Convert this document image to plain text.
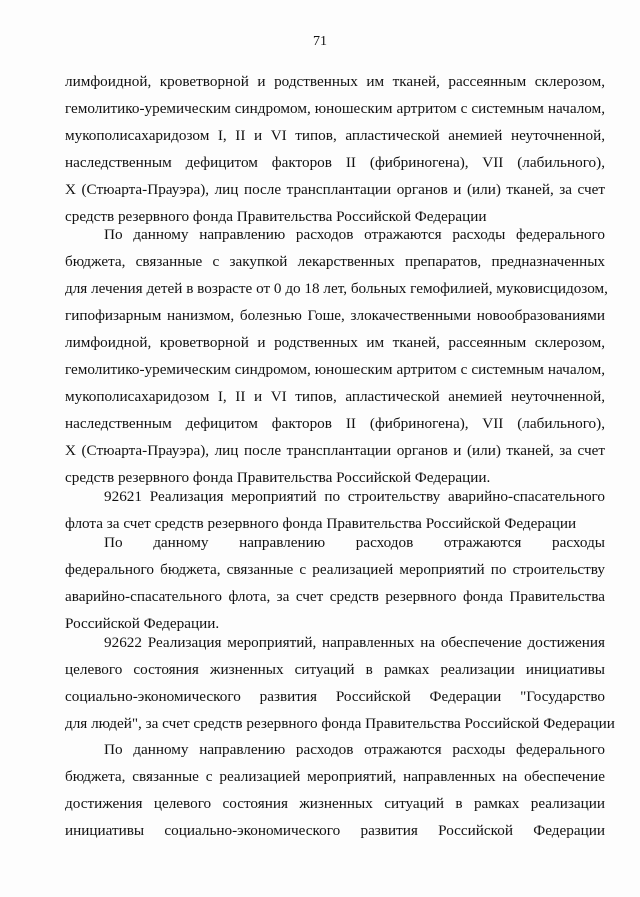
71
лимфоидной, кроветворной и родственных им тканей, рассеянным склерозом,
гемолитико-уремическим синдромом, юношеским артритом с системным началом,
мукополисахаридозом I, II и VI типов, апластической анемией неуточненной,
наследственным дефицитом факторов II (фибриногена), VII (лабильного),
X (Стюарта-Прауэра), лиц после трансплантации органов и (или) тканей, за счет
средств резервного фонда Правительства Российской Федерации
По данному направлению расходов отражаются расходы федерального
бюджета, связанные с закупкой лекарственных препаратов, предназначенных
для лечения детей в возрасте от 0 до 18 лет, больных гемофилией, муковисцидозом,
гипофизарным нанизмом, болезнью Гоше, злокачественными новообразованиями
лимфоидной, кроветворной и родственных им тканей, рассеянным склерозом,
гемолитико-уремическим синдромом, юношеским артритом с системным началом,
мукополисахаридозом I, II и VI типов, апластической анемией неуточненной,
наследственным дефицитом факторов II (фибриногена), VII (лабильного),
X (Стюарта-Прауэра), лиц после трансплантации органов и (или) тканей, за счет
средств резервного фонда Правительства Российской Федерации.
92621 Реализация мероприятий по строительству аварийно-спасательного
флота за счет средств резервного фонда Правительства Российской Федерации
По данному направлению расходов отражаются расходы
федерального бюджета, связанные с реализацией мероприятий по строительству
аварийно-спасательного флота, за счет средств резервного фонда Правительства
Российской Федерации.
92622 Реализация мероприятий, направленных на обеспечение достижения
целевого состояния жизненных ситуаций в рамках реализации инициативы
социально-экономического развития Российской Федерации "Государство
для людей", за счет средств резервного фонда Правительства Российской Федерации
По данному направлению расходов отражаются расходы федерального
бюджета, связанные с реализацией мероприятий, направленных на обеспечение
достижения целевого состояния жизненных ситуаций в рамках реализации
инициативы социально-экономического развития Российской Федерации
